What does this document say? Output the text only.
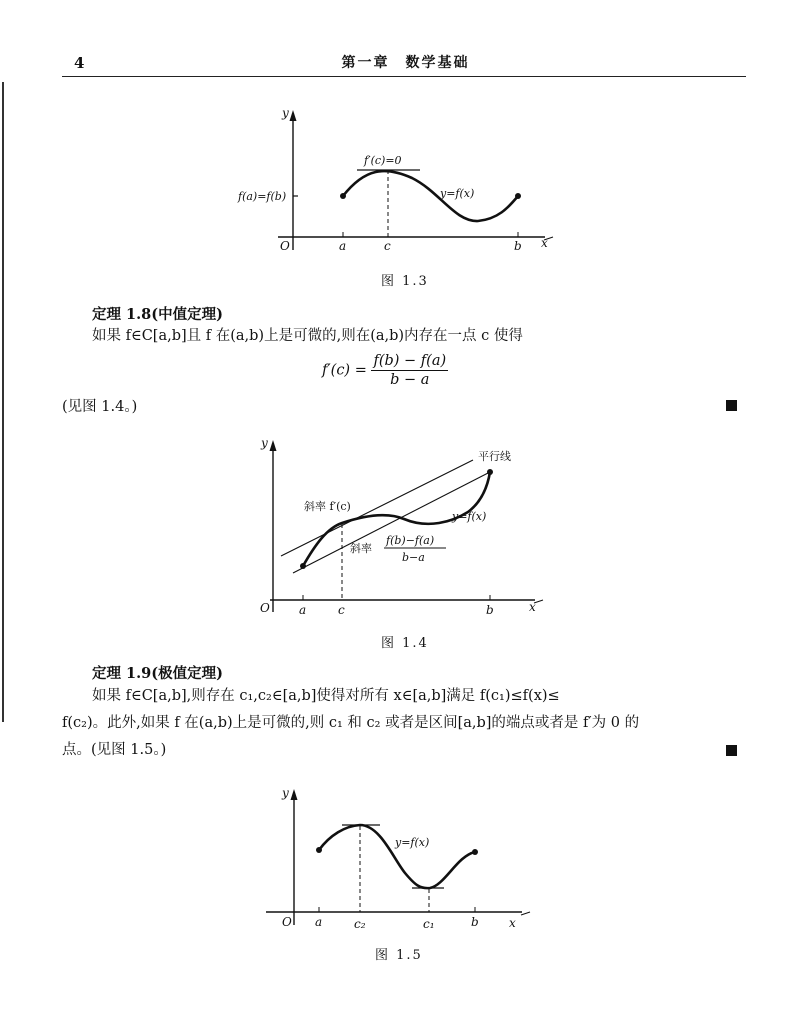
4	第一章　数学基础
y
O	x
a	c	b
f′(c)=0
f(a)=f(b)	y=f(x)
图 1.3
定理 1.8(中值定理)
如果 f∈C[a,b]且 f 在(a,b)上是可微的,则在(a,b)内存在一点 c 使得
$f'(c) = \frac{f(b) - f(a)}{b - a}$
(见图 1.4。)
y
O	x
a	c	b
平行线
斜率 f′(c)
y=f(x)
斜率
f(b)−f(a)
b−a
图 1.4
定理 1.9(极值定理)
如果 f∈C[a,b],则存在 c₁,c₂∈[a,b]使得对所有 x∈[a,b]满足 f(c₁)≤f(x)≤
f(c₂)。此外,如果 f 在(a,b)上是可微的,则 c₁ 和 c₂ 或者是区间[a,b]的端点或者是 f′为 0 的
点。(见图 1.5。)
y
O	x
a	c₂	c₁	b
y=f(x)
图 1.5
